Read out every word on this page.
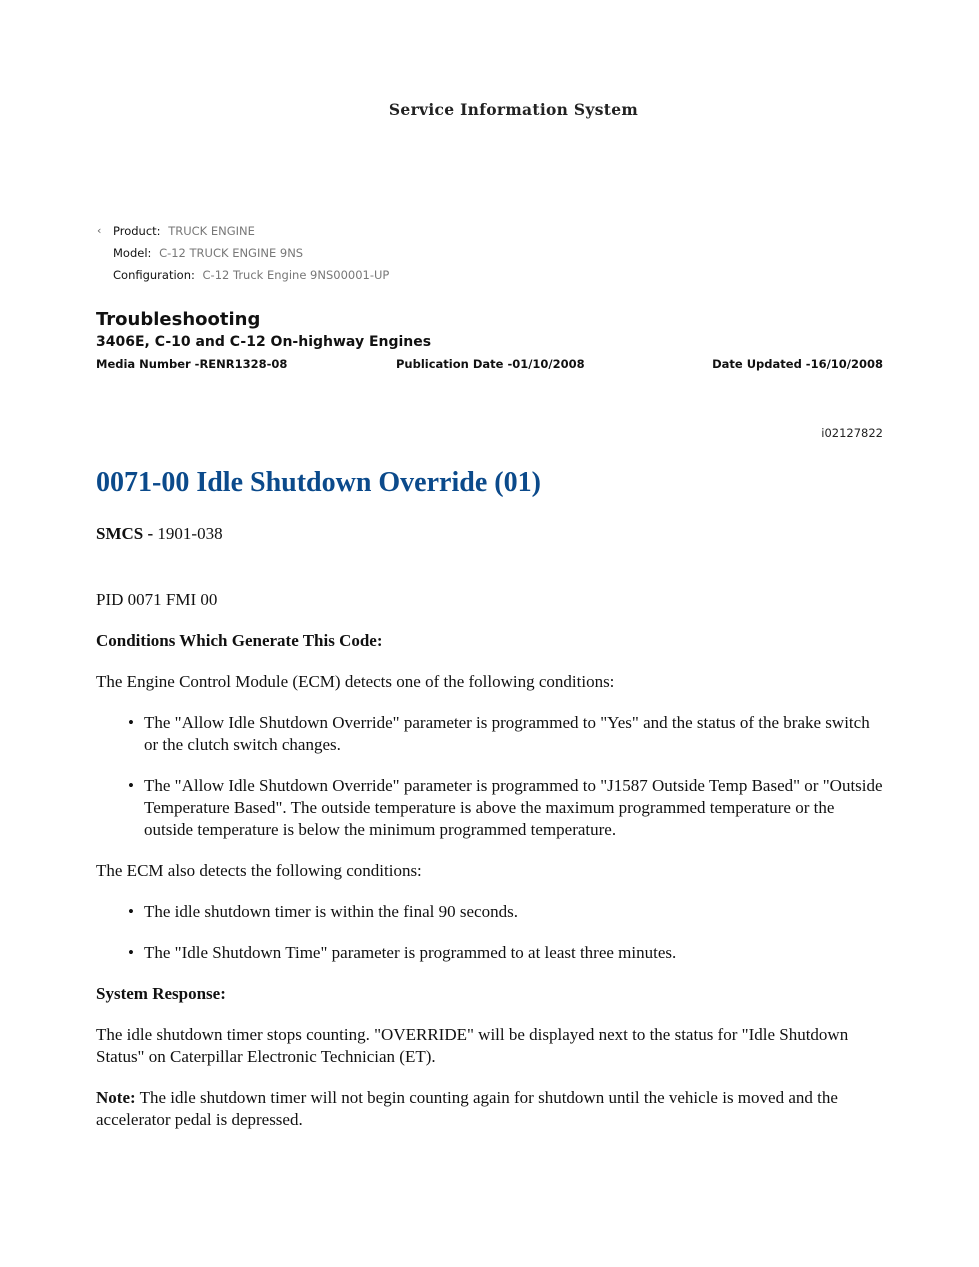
Service Information System
‹ Product: TRUCK ENGINE
Model: C-12 TRUCK ENGINE 9NS
Configuration: C-12 Truck Engine 9NS00001-UP
Troubleshooting
3406E, C-10 and C-12 On-highway Engines
Media Number -RENR1328-08	Publication Date -01/10/2008	Date Updated -16/10/2008
i02127822
0071-00 Idle Shutdown Override (01)

SMCS - 1901-038

PID 0071 FMI 00

Conditions Which Generate This Code:

The Engine Control Module (ECM) detects one of the following conditions:

• The "Allow Idle Shutdown Override" parameter is programmed to "Yes" and the status of the brake switch or the clutch switch changes.
• The "Allow Idle Shutdown Override" parameter is programmed to "J1587 Outside Temp Based" or "Outside Temperature Based". The outside temperature is above the maximum programmed temperature or the outside temperature is below the minimum programmed temperature.

The ECM also detects the following conditions:

• The idle shutdown timer is within the final 90 seconds.
• The "Idle Shutdown Time" parameter is programmed to at least three minutes.

System Response:

The idle shutdown timer stops counting. "OVERRIDE" will be displayed next to the status for "Idle Shutdown Status" on Caterpillar Electronic Technician (ET).

Note: The idle shutdown timer will not begin counting again for shutdown until the vehicle is moved and the accelerator pedal is depressed.
